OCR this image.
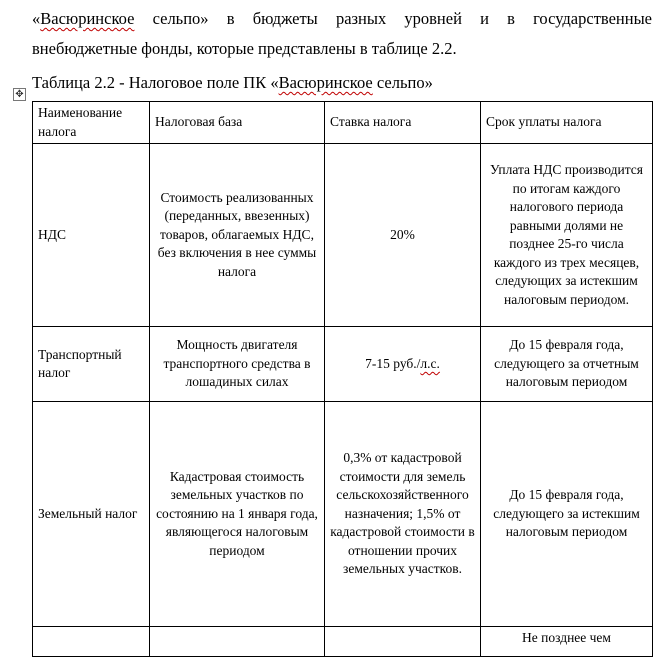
«Васюринское сельпо» в бюджеты разных уровней и в государственные
внебюджетные фонды, которые представлены в таблице 2.2.
Таблица 2.2 - Налоговое поле ПК «Васюринское сельпо»
✥
Наименование налога	Налоговая база	Ставка налога	Срок уплаты налога
НДС	Стоимость реализованных (переданных, ввезенных) товаров, облагаемых НДС, без включения в нее суммы налога	20%	Уплата НДС производится по итогам каждого налогового периода равными долями не позднее 25-го числа каждого из трех месяцев, следующих за истекшим налоговым периодом.
Транспортный налог	Мощность двигателя транспортного средства в лошадиных силах	7-15 руб./л.с.	До 15 февраля года, следующего за отчетным налоговым периодом
Земельный налог	Кадастровая стоимость земельных участков по состоянию на 1 января года, являющегося налоговым периодом	0,3% от кадастровой стоимости для земель сельскохозяйственного назначения; 1,5% от кадастровой стоимости в отношении прочих земельных участков.	До 15 февраля года, следующего за истекшим налоговым периодом
			Не позднее чем
